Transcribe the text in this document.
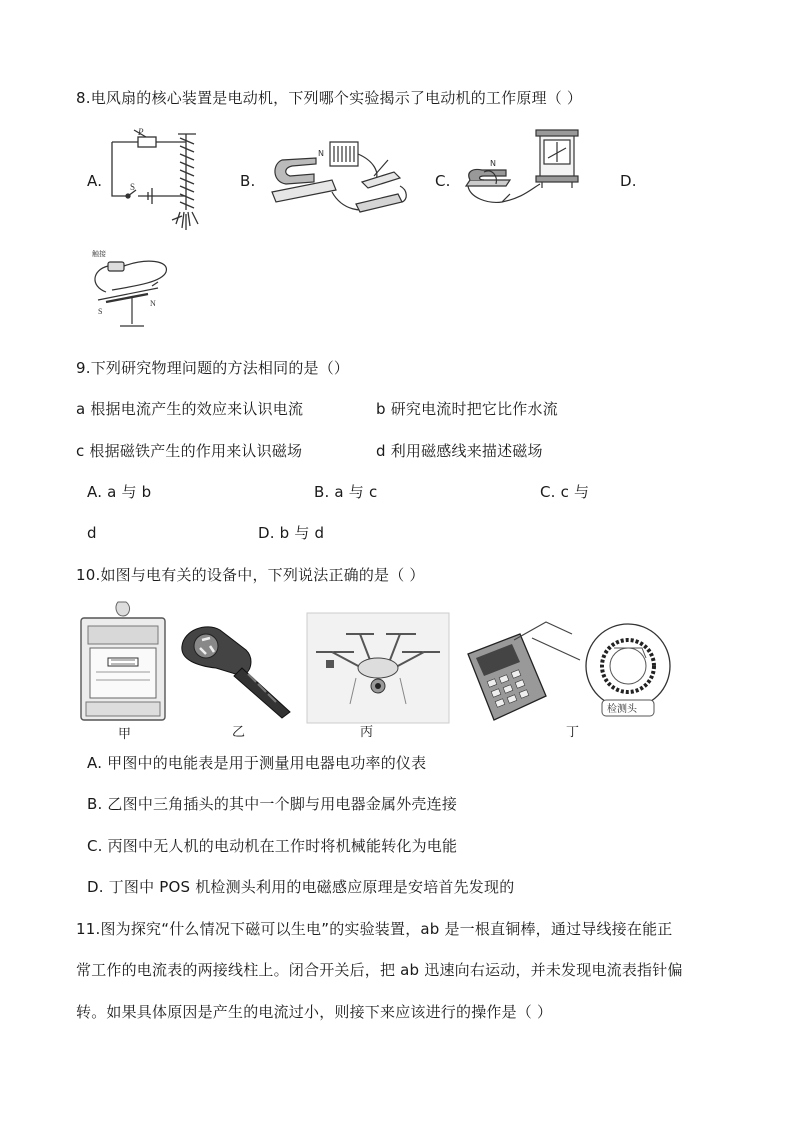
8.电风扇的核心装置是电动机，下列哪个实验揭示了电动机的工作原理（ ）
A.
P
S	B.
N
C.
N
D.
触接
S
N
9.下列研究物理问题的方法相同的是（）
a 根据电流产生的效应来认识电流	b 研究电流时把它比作水流
c 根据磁铁产生的作用来认识磁场	d 利用磁感线来描述磁场
A. a 与 b	B. a 与 c	C. c 与
d	D. b 与 d
10.如图与电有关的设备中，下列说法正确的是（ ）
甲	乙	丙
检测头
丁
A. 甲图中的电能表是用于测量用电器电功率的仪表
B. 乙图中三角插头的其中一个脚与用电器金属外壳连接
C. 丙图中无人机的电动机在工作时将机械能转化为电能
D. 丁图中 POS 机检测头利用的电磁感应原理是安培首先发现的
11.图为探究“什么情况下磁可以生电”的实验装置，ab 是一根直铜棒，通过导线接在能正
常工作的电流表的两接线柱上。闭合开关后，把 ab 迅速向右运动，并未发现电流表指针偏
转。如果具体原因是产生的电流过小，则接下来应该进行的操作是（ ）
